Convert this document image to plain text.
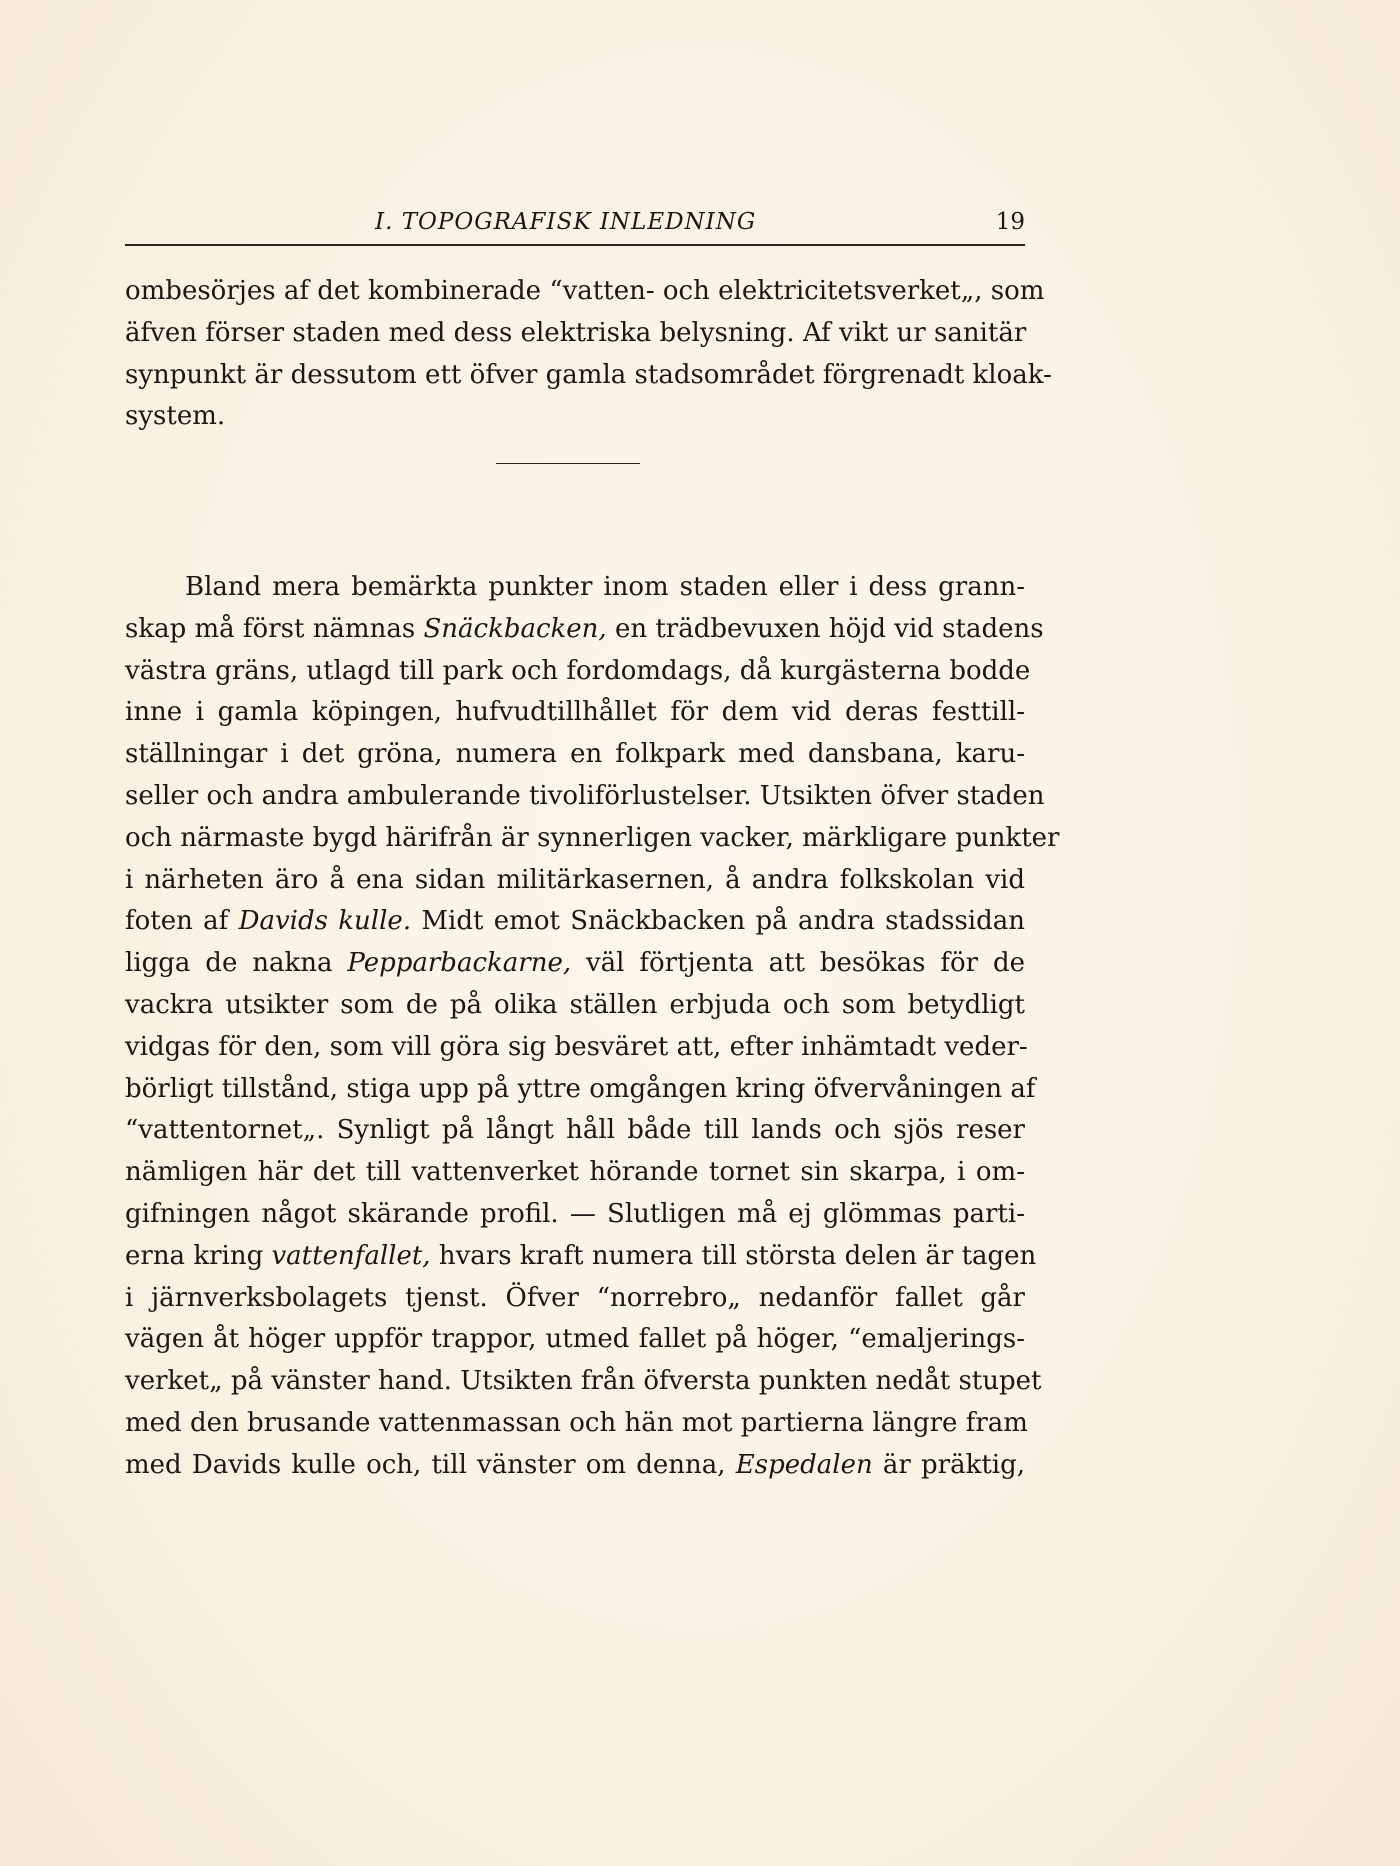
I. TOPOGRAFISK INLEDNING	19

ombesörjes af det kombinerade “vatten- och elektricitetsverket„, som
äfven förser staden med dess elektriska belysning. Af vikt ur sanitär
synpunkt är dessutom ett öfver gamla stadsområdet förgrenadt kloak-
system.

Bland mera bemärkta punkter inom staden eller i dess grann-
skap må först nämnas Snäckbacken, en trädbevuxen höjd vid stadens
västra gräns, utlagd till park och fordomdags, då kurgästerna bodde
inne i gamla köpingen, hufvudtillhållet för dem vid deras festtill-
ställningar i det gröna, numera en folkpark med dansbana, karu-
seller och andra ambulerande tivoliförlustelser. Utsikten öfver staden
och närmaste bygd härifrån är synnerligen vacker, märkligare punkter
i närheten äro å ena sidan militärkasernen, å andra folkskolan vid
foten af Davids kulle. Midt emot Snäckbacken på andra stadssidan
ligga de nakna Pepparbackarne, väl förtjenta att besökas för de
vackra utsikter som de på olika ställen erbjuda och som betydligt
vidgas för den, som vill göra sig besväret att, efter inhämtadt veder-
börligt tillstånd, stiga upp på yttre omgången kring öfvervåningen af
“vattentornet„. Synligt på långt håll både till lands och sjös reser
nämligen här det till vattenverket hörande tornet sin skarpa, i om-
gifningen något skärande profil. — Slutligen må ej glömmas parti-
erna kring vattenfallet, hvars kraft numera till största delen är tagen
i järnverksbolagets tjenst. Öfver “norrebro„ nedanför fallet går
vägen åt höger uppför trappor, utmed fallet på höger, “emaljerings-
verket„ på vänster hand. Utsikten från öfversta punkten nedåt stupet
med den brusande vattenmassan och hän mot partierna längre fram
med Davids kulle och, till vänster om denna, Espedalen är präktig,
